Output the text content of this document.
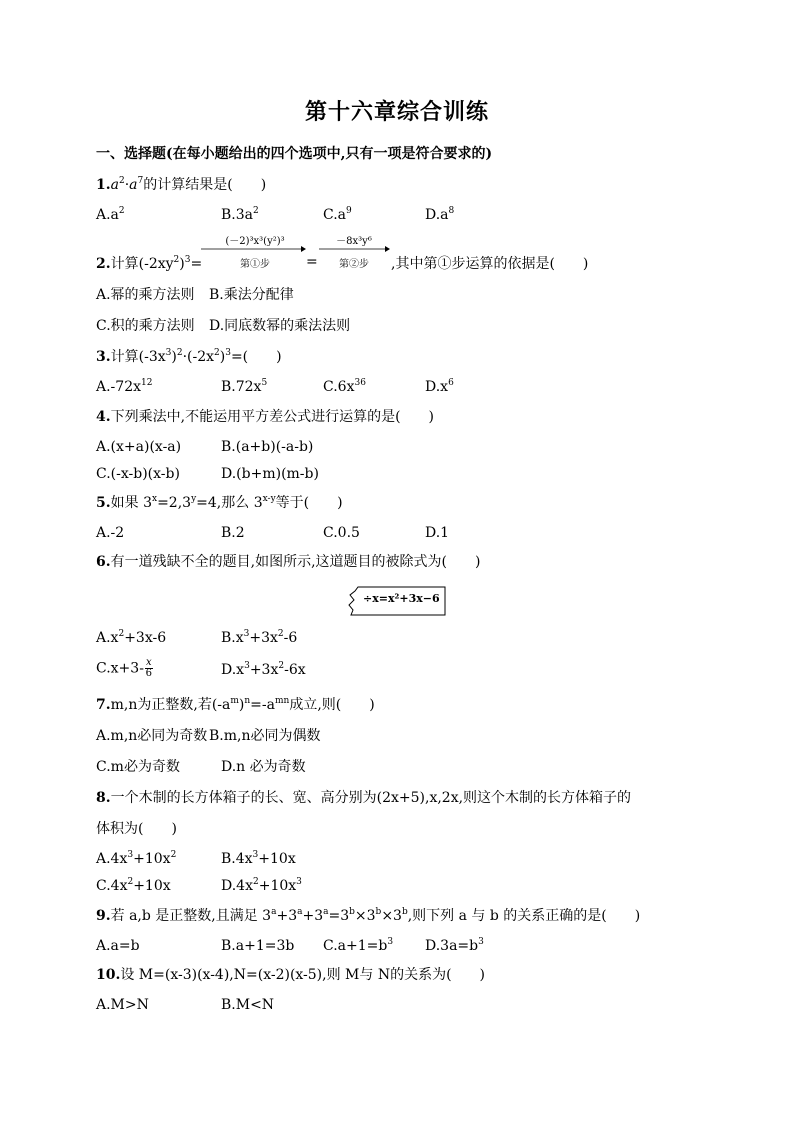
第十六章综合训练
一、选择题(在每小题给出的四个选项中,只有一项是符合要求的)
$1.a^2\cdot a^7$的计算结果是(　　)
$A.a^2$	$B.3a^2$	$C.a^9$	$D.a^8$
2.计算$(-2xy^2)^3=$
(－2)³x³(y²)³
第①步	=
－8x³y⁶
第②步	,其中第①步运算的依据是(　　)
A.幂的乘方法则 B.乘法分配律
C.积的乘方法则 D.同底数幂的乘法法则
3.计算$(-3x^3)^2\cdot(-2x^2)^3=$(　　)
$A.-72x^{12}$	$B.72x^5$	$C.6x^{36}$	$D.x^6$
4.下列乘法中,不能运用平方差公式进行运算的是(　　)
A.(x+a)(x-a)	B.(a+b)(-a-b)
C.(-x-b)(x-b)	D.(b+m)(m-b)
5.如果 $3^x=2,3^y=4$,那么 3$^{x-y}$等于(　　)
A.-2	B.2	C.0.5	D.1
6.有一道残缺不全的题目,如图所示,这道题目的被除式为(　　)
÷x=x²+3x−6
$A.x^2+3x-6$	$B.x^3+3x^2-6$
$C.x+3- \frac{x}{6}$	$D.x^3+3x^2-6x$
7.m,n为正整数,若$(-a^m)^n=-a^{mn}$成立,则(　　)
A.m,n必同为奇数 B.m,n必同为偶数
C.m必为奇数	D.n 必为奇数
8.一个木制的长方体箱子的长、宽、高分别为(2x+5),x,2x,则这个木制的长方体箱子的
体积为(　　)
$A.4x^3+10x^2$	$B.4x^3+10x$
$C.4x^2+10x$	$D.4x^2+10x^3$
9.若 a,b 是正整数,且满足 $3^a+3^a+3^a=3^b\times 3^b\times 3^b$,则下列 a 与 b 的关系正确的是(　　)
A.a=b	B.a+1=3b $C.a+1=b^3$ $D.3a=b^3$
10.设 M=(x-3)(x-4),N=(x-2)(x-5),则 M与 N的关系为(　　)
A.M>N	B.M<N
